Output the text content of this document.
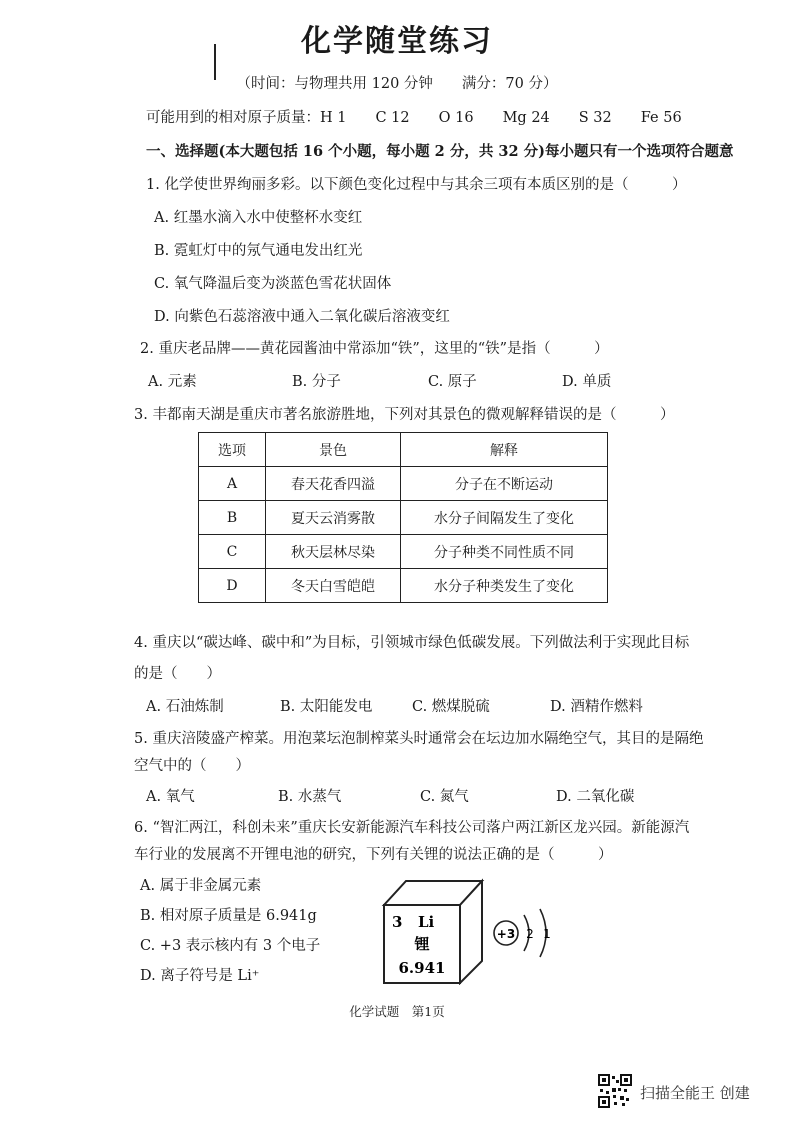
化学随堂练习
（时间：与物理共用 120 分钟　　满分：70 分）
可能用到的相对原子质量：H 1　　C 12　　O 16　　Mg 24　　S 32　　Fe 56
一、选择题(本大题包括 16 个小题，每小题 2 分，共 32 分)每小题只有一个选项符合题意
1. 化学使世界绚丽多彩。以下颜色变化过程中与其余三项有本质区别的是（　　　）
A. 红墨水滴入水中使整杯水变红
B. 霓虹灯中的氖气通电发出红光
C. 氧气降温后变为淡蓝色雪花状固体
D. 向紫色石蕊溶液中通入二氧化碳后溶液变红
2. 重庆老品牌——黄花园酱油中常添加“铁”，这里的“铁”是指（　　　）
A. 元素	B. 分子	C. 原子	D. 单质
3. 丰都南天湖是重庆市著名旅游胜地，下列对其景色的微观解释错误的是（　　　）
选项	景色	解释
A	春天花香四溢	分子在不断运动
B	夏天云消雾散	水分子间隔发生了变化
C	秋天层林尽染	分子种类不同性质不同
D	冬天白雪皑皑	水分子种类发生了变化
4. 重庆以“碳达峰、碳中和”为目标，引领城市绿色低碳发展。下列做法利于实现此目标
的是（　　）
A. 石油炼制	B. 太阳能发电	C. 燃煤脱硫	D. 酒精作燃料
5. 重庆涪陵盛产榨菜。用泡菜坛泡制榨菜头时通常会在坛边加水隔绝空气，其目的是隔绝
空气中的（　　）
A. 氧气	B. 水蒸气	C. 氮气	D. 二氧化碳
6. “智汇两江，科创未来”重庆长安新能源汽车科技公司落户两江新区龙兴园。新能源汽
车行业的发展离不开锂电池的研究，下列有关锂的说法正确的是（　　　）
A. 属于非金属元素
B. 相对原子质量是 6.941g
C. +3 表示核内有 3 个电子
D. 离子符号是 Li⁺
3 Li
锂
6.941
+3 2 1
化学试题　第1页
扫描全能王 创建
